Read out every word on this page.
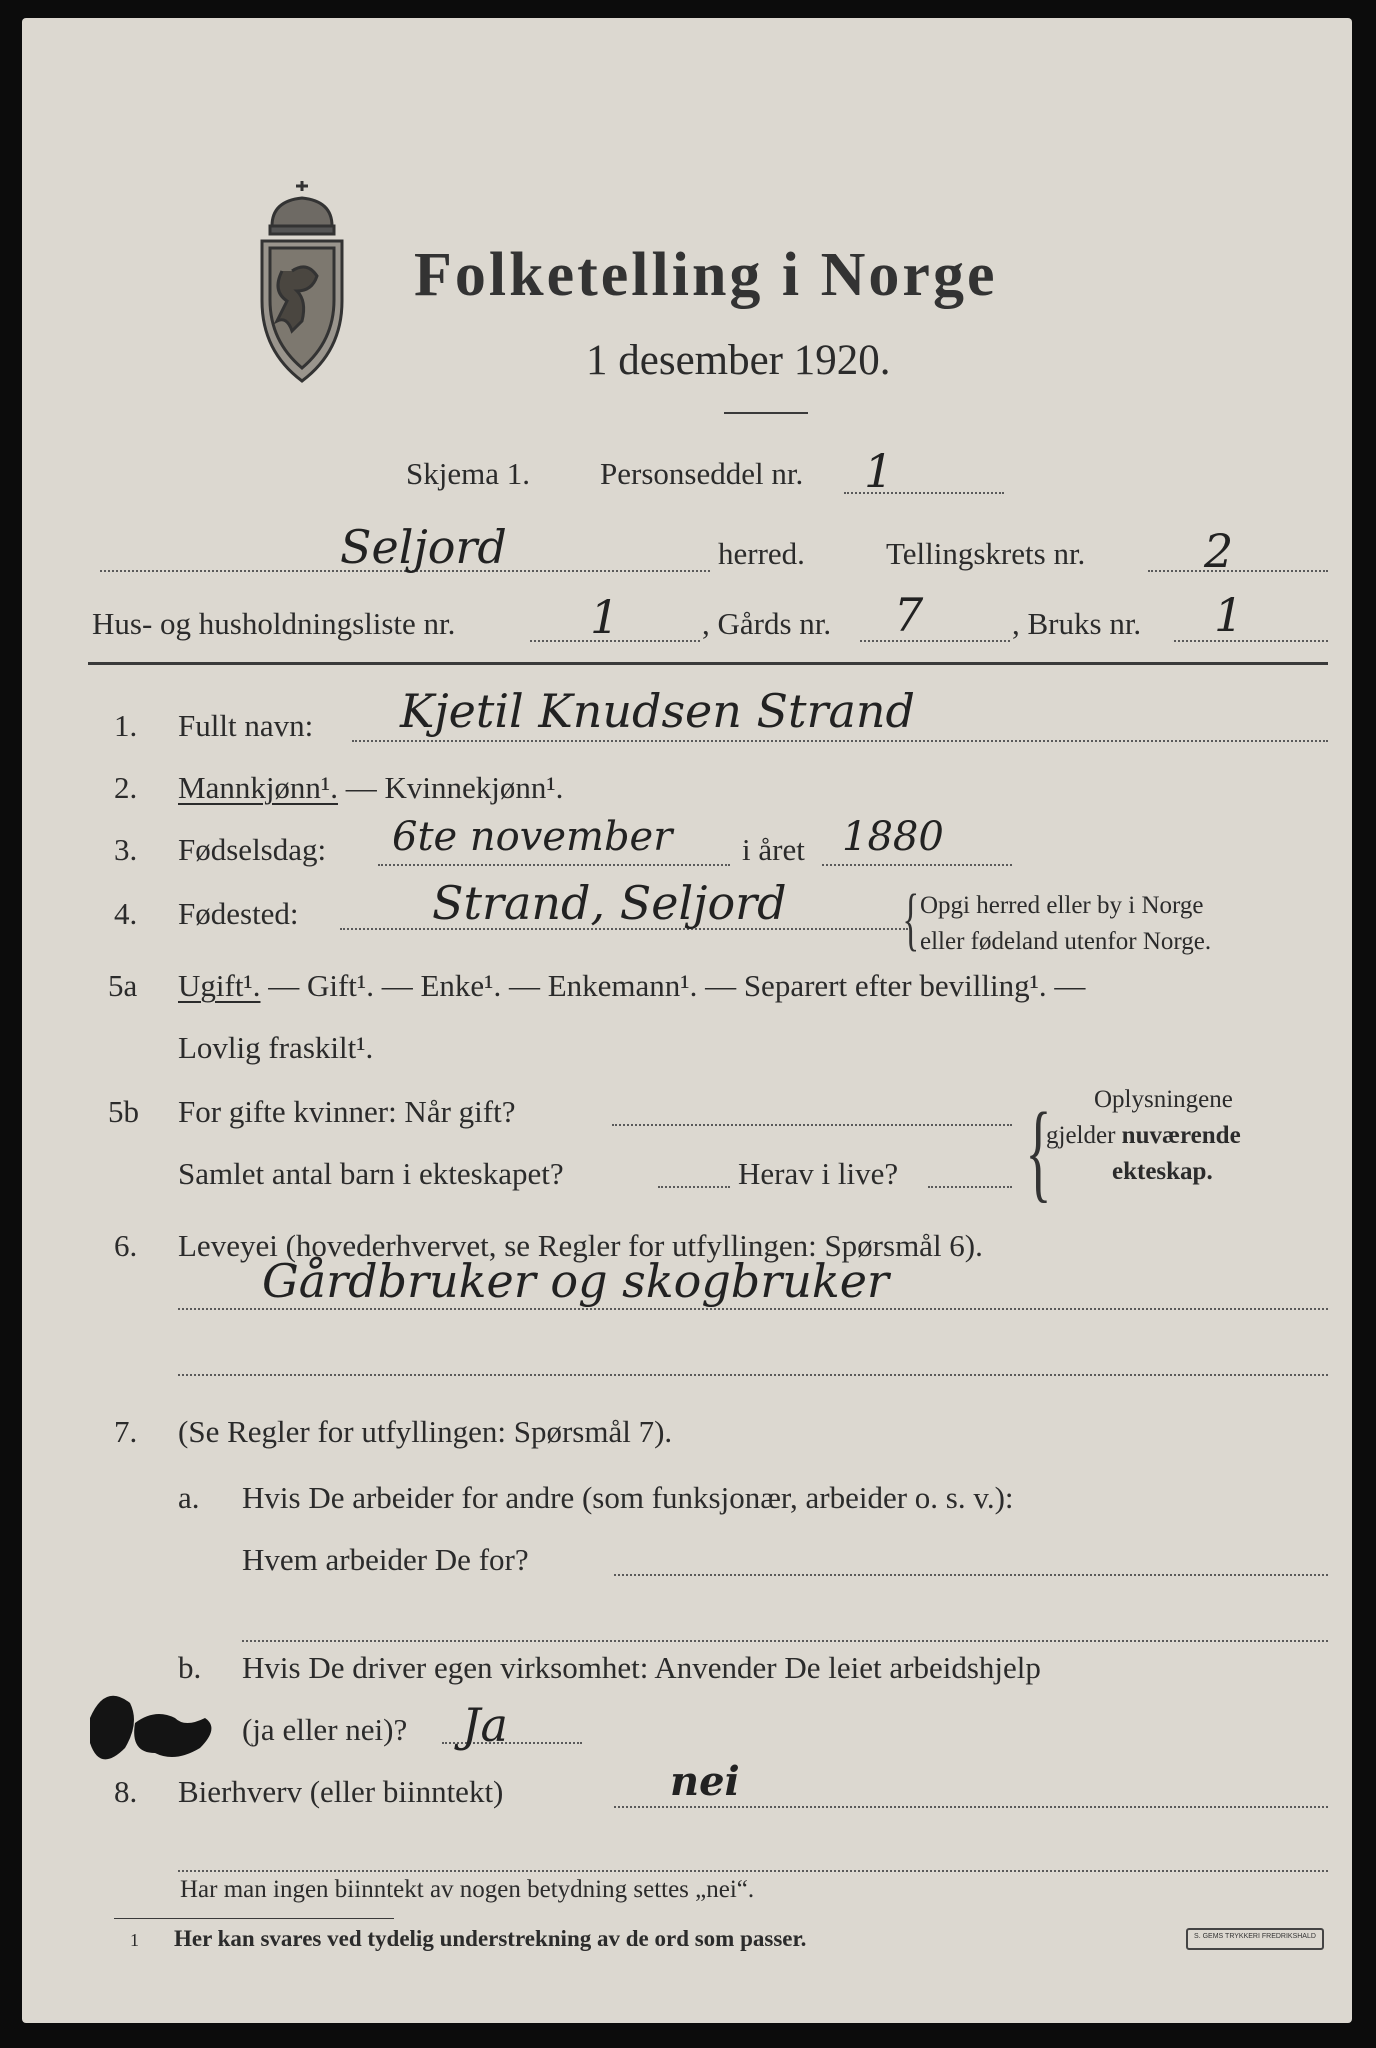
Folketelling i Norge
1 desember 1920.
Skjema 1. Personseddel nr. 1
Seljord	herred.	Tellingskrets nr.	2
Hus- og husholdningsliste nr.	1	, Gårds nr. 7	, Bruks nr. 1
1. Fullt navn: Kjetil Knudsen Strand
2. Mannkjønn¹. — Kvinnekjønn¹.
3. Fødselsdag: 6te november i året 1880
4. Fødested:	Strand, Seljord { Opgi herred eller by i Norge
eller fødeland utenfor Norge.
5a Ugift¹. — Gift¹. — Enke¹. — Enkemann¹. — Separert efter bevilling¹. —
Lovlig fraskilt¹.
5b For gifte kvinner: Når gift?
Samlet antal barn i ekteskapet?	Herav i live? { Oplysningene
gjelder nuværende
ekteskap.
6. Leveyei (hovederhvervet, se Regler for utfyllingen: Spørsmål 6).
Gårdbruker og skogbruker
7. (Se Regler for utfyllingen: Spørsmål 7).
a. Hvis De arbeider for andre (som funksjonær, arbeider o. s. v.):
Hvem arbeider De for?
b. Hvis De driver egen virksomhet: Anvender De leiet arbeidshjelp
(ja eller nei)? Ja
8. Bierhverv (eller biinntekt)	nei
Har man ingen biinntekt av nogen betydning settes „nei“.
1 Her kan svares ved tydelig understrekning av de ord som passer.	S. GEMS TRYKKERI FREDRIKSHALD
